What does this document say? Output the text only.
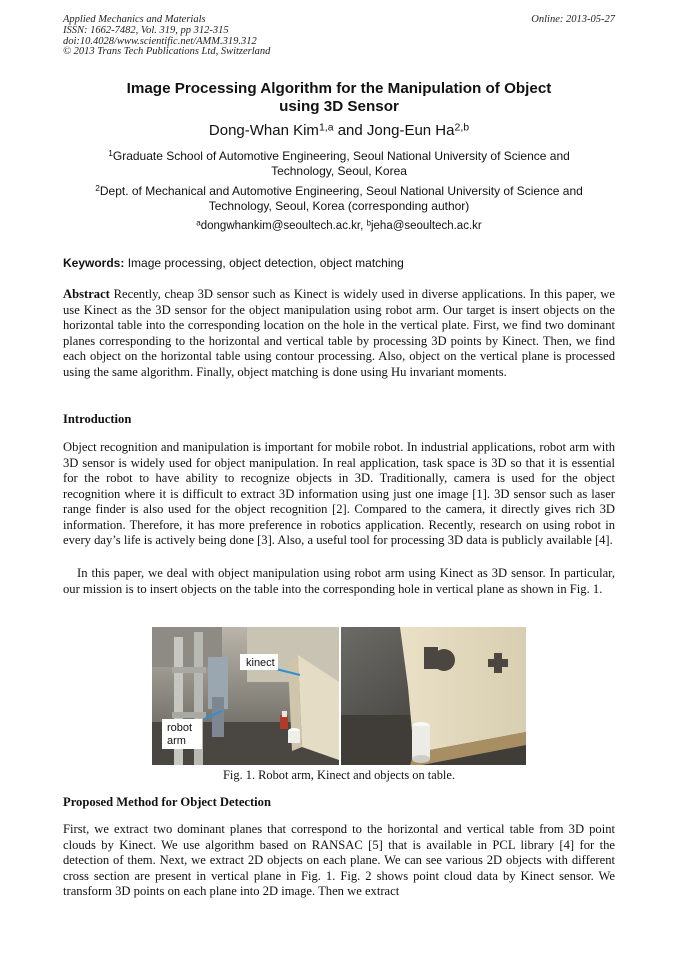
Applied Mechanics and Materials
ISSN: 1662-7482, Vol. 319, pp 312-315
doi:10.4028/www.scientific.net/AMM.319.312
© 2013 Trans Tech Publications Ltd, Switzerland
Online: 2013-05-27
Image Processing Algorithm for the Manipulation of Object
using 3D Sensor
Dong-Whan Kim$^{1,a}$ and Jong-Eun Ha$^{2,b}$
$^1$Graduate School of Automotive Engineering, Seoul National University of Science and
Technology, Seoul, Korea
$^2$Dept. of Mechanical and Automotive Engineering, Seoul National University of Science and
Technology, Seoul, Korea (corresponding author)
$^a$dongwhankim@seoultech.ac.kr, $^b$jeha@seoultech.ac.kr
Keywords: Image processing, object detection, object matching
Abstract Recently, cheap 3D sensor such as Kinect is widely used in diverse applications. In this paper, we use Kinect as the 3D sensor for the object manipulation using robot arm. Our target is insert objects on the horizontal table into the corresponding location on the hole in the vertical plate. First, we find two dominant planes corresponding to the horizontal and vertical table by processing 3D points by Kinect. Then, we find each object on the horizontal table using contour processing. Also, object on the vertical plane is processed using the same algorithm. Finally, object matching is done using Hu invariant moments.
Introduction
Object recognition and manipulation is important for mobile robot. In industrial applications, robot arm with 3D sensor is widely used for object manipulation. In real application, task space is 3D so that it is essential for the robot to have ability to recognize objects in 3D. Traditionally, camera is used for the object recognition where it is difficult to extract 3D information using just one image [1]. 3D sensor such as laser range finder is also used for the object recognition [2]. Compared to the camera, it directly gives rich 3D information. Therefore, it has more preference in robotics application. Recently, research on using robot in every day’s life is actively being done [3]. Also, a useful tool for processing 3D data is publicly available [4].
In this paper, we deal with object manipulation using robot arm using Kinect as 3D sensor. In particular, our mission is to insert objects on the table into the corresponding hole in vertical plane as shown in Fig. 1.
kinect
robot
arm
Fig. 1. Robot arm, Kinect and objects on table.
Proposed Method for Object Detection
First, we extract two dominant planes that correspond to the horizontal and vertical table from 3D point clouds by Kinect. We use algorithm based on RANSAC [5] that is available in PCL library [4] for the detection of them. Next, we extract 2D objects on each plane. We can see various 2D objects with different cross section are present in vertical plane in Fig. 1. Fig. 2 shows point cloud data by Kinect sensor. We transform 3D points on each plane into 2D image. Then we extract
